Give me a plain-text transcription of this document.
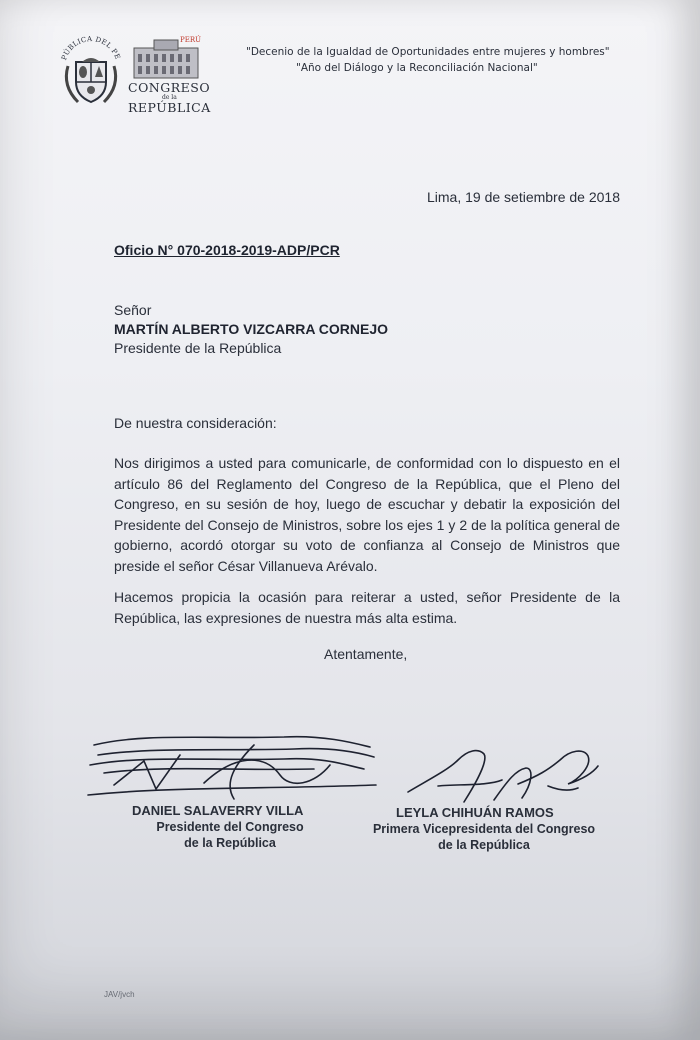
PÚBLICA DEL PE
PERÚ
CONGRESO
de la
REPÚBLICA
"Decenio de la Igualdad de Oportunidades entre mujeres y hombres"
"Año del Diálogo y la Reconciliación Nacional"
Lima, 19 de setiembre de 2018
Oficio N° 070-2018-2019-ADP/PCR
Señor
MARTÍN ALBERTO VIZCARRA CORNEJO
Presidente de la República
De nuestra consideración:
Nos dirigimos a usted para comunicarle, de conformidad con lo dispuesto en el artículo 86 del Reglamento del Congreso de la República, que el Pleno del Congreso, en su sesión de hoy, luego de escuchar y debatir la exposición del Presidente del Consejo de Ministros, sobre los ejes 1 y 2 de la política general de gobierno, acordó otorgar su voto de confianza al Consejo de Ministros que preside el señor César Villanueva Arévalo.
Hacemos propicia la ocasión para reiterar a usted, señor Presidente de la República, las expresiones de nuestra más alta estima.
Atentamente,
DANIEL SALAVERRY VILLA
Presidente del Congreso
de la República
LEYLA CHIHUÁN RAMOS
Primera Vicepresidenta del Congreso
de la República
JAV/jvch
